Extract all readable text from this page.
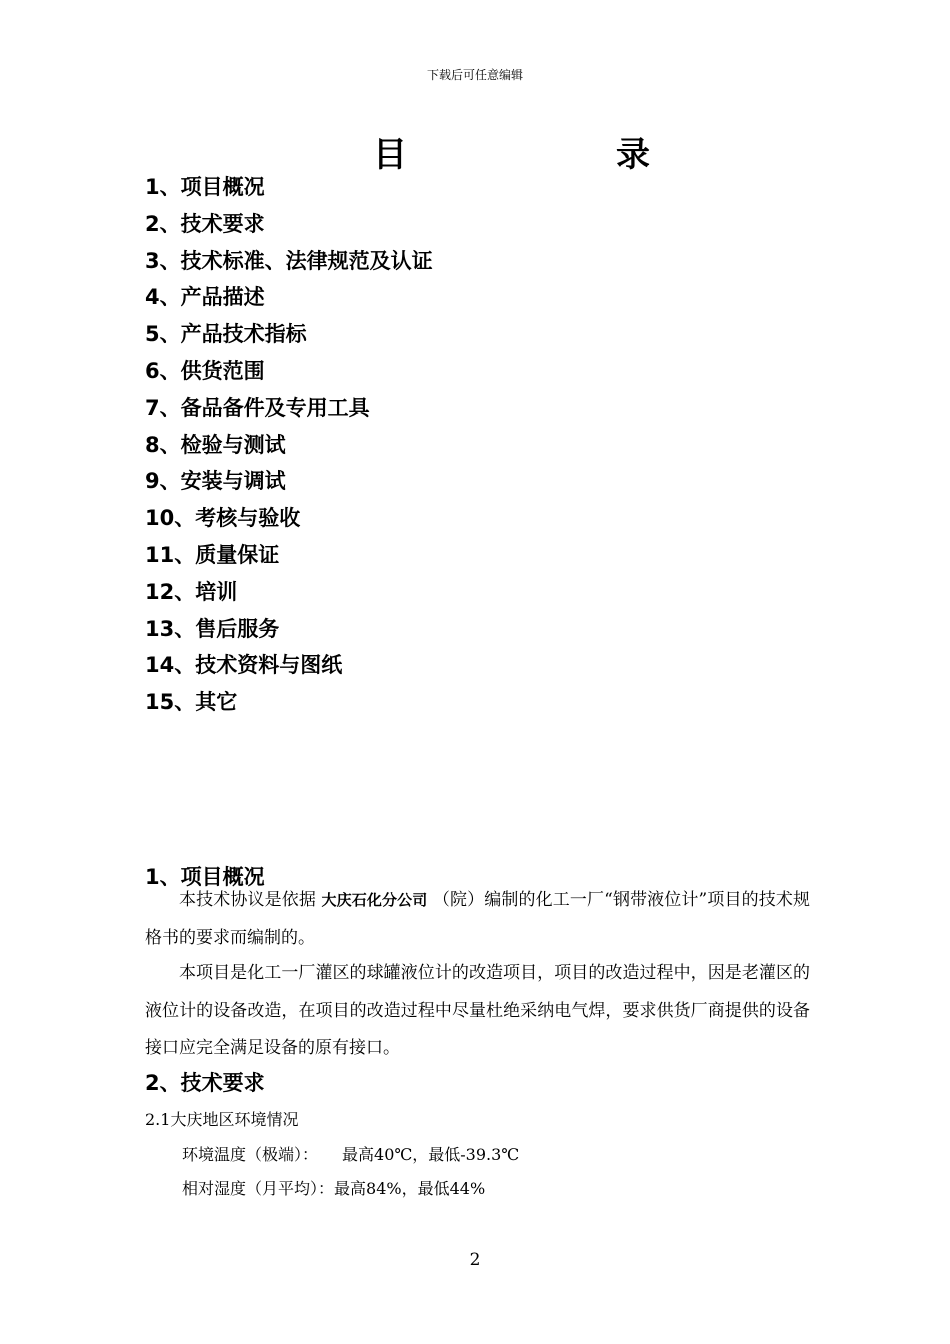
下载后可任意编辑
目	录
1、项目概况
2、技术要求
3、技术标准、法律规范及认证
4、产品描述
5、产品技术指标
6、供货范围
7、备品备件及专用工具
8、检验与测试
9、安装与调试
10、考核与验收
11、质量保证
12、培训
13、售后服务
14、技术资料与图纸
15、其它
1、项目概况
本技术协议是依据 大庆石化分公司 （院）编制的化工一厂“钢带液位计”项目的技术规格书的要求而编制的。
本项目是化工一厂灌区的球罐液位计的改造项目，项目的改造过程中，因是老灌区的液位计的设备改造，在项目的改造过程中尽量杜绝采纳电气焊，要求供货厂商提供的设备接口应完全满足设备的原有接口。
2、技术要求
2.1大庆地区环境情况
环境温度（极端）： 最高40℃，最低-39.3℃
相对湿度（月平均）：最高84%，最低44%
2
